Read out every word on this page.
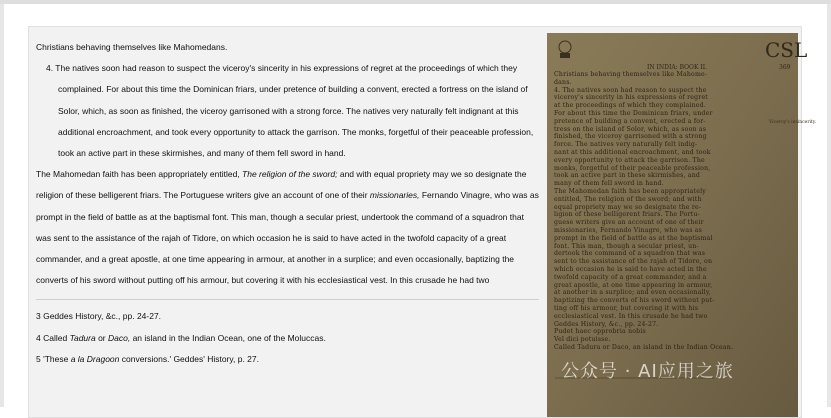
Christians behaving themselves like Mahomedans.

4. The natives soon had reason to suspect the viceroy's sincerity in his expressions of regret at the proceedings of which they complained. For about this time the Dominican friars, under pretence of building a convent, erected a fortress on the island of Solor, which, as soon as finished, the viceroy garrisoned with a strong force. The natives very naturally felt indignant at this additional encroachment, and took every opportunity to attack the garrison. The monks, forgetful of their peaceable profession, took an active part in these skirmishes, and many of them fell sword in hand.

The Mahomedan faith has been appropriately entitled, The religion of the sword; and with equal propriety may we so designate the religion of these belligerent friars. The Portuguese writers give an account of one of their missionaries, Fernando Vinagre, who was as prompt in the field of battle as at the baptismal font. This man, though a secular priest, undertook the command of a squadron that was sent to the assistance of the rajah of Tidore, on which occasion he is said to have acted in the twofold capacity of a great commander, and a great apostle, at one time appearing in armour, at another in a surplice; and even occasionally, baptizing the converts of his sword without putting off his armour, but covering it with his ecclesiastical vest. In this crusade he had two

3 Geddes History, &c., pp. 24-27.

4 Called Tadura or Daco, an island in the Indian Ocean, one of the Moluccas.

5 'These a la Dragoon conversions.' Geddes' History, p. 27.

CSL
IN INDIA: BOOK II.	369
Viceroy's insincerity.
Christians behaving themselves like Mahome-
dans.
4. The natives soon had reason to suspect the
viceroy's sincerity in his expressions of regret
at the proceedings of which they complained.
For about this time the Dominican friars, under
pretence of building a convent, erected a for-
tress on the island of Solor, which, as soon as
finished, the viceroy garrisoned with a strong
force. The natives very naturally felt indig-
nant at this additional encroachment, and took
every opportunity to attack the garrison. The
monks, forgetful of their peaceable profession,
took an active part in these skirmishes, and
many of them fell sword in hand.
The Mahomedan faith has been appropriately
entitled, The religion of the sword; and with
equal propriety may we so designate the re-
ligion of these belligerent friars. The Portu-
guese writers give an account of one of their
missionaries, Fernando Vinagre, who was as
prompt in the field of battle as at the baptismal
font. This man, though a secular priest, un-
dertook the command of a squadron that was
sent to the assistance of the rajah of Tidore, on
which occasion he is said to have acted in the
twofold capacity of a great commander, and a
great apostle, at one time appearing in armour,
at another in a surplice; and even occasionally,
baptizing the converts of his sword without put-
ting off his armour, but covering it with his
ecclesiastical vest. In this crusade he had two
Geddes History, &c., pp. 24-27.
Pudet haec opprobria nobis
Vel dici potuisse.
Called Tadura or Daco, an island in the Indian Ocean.
公众号 · AI应用之旅
